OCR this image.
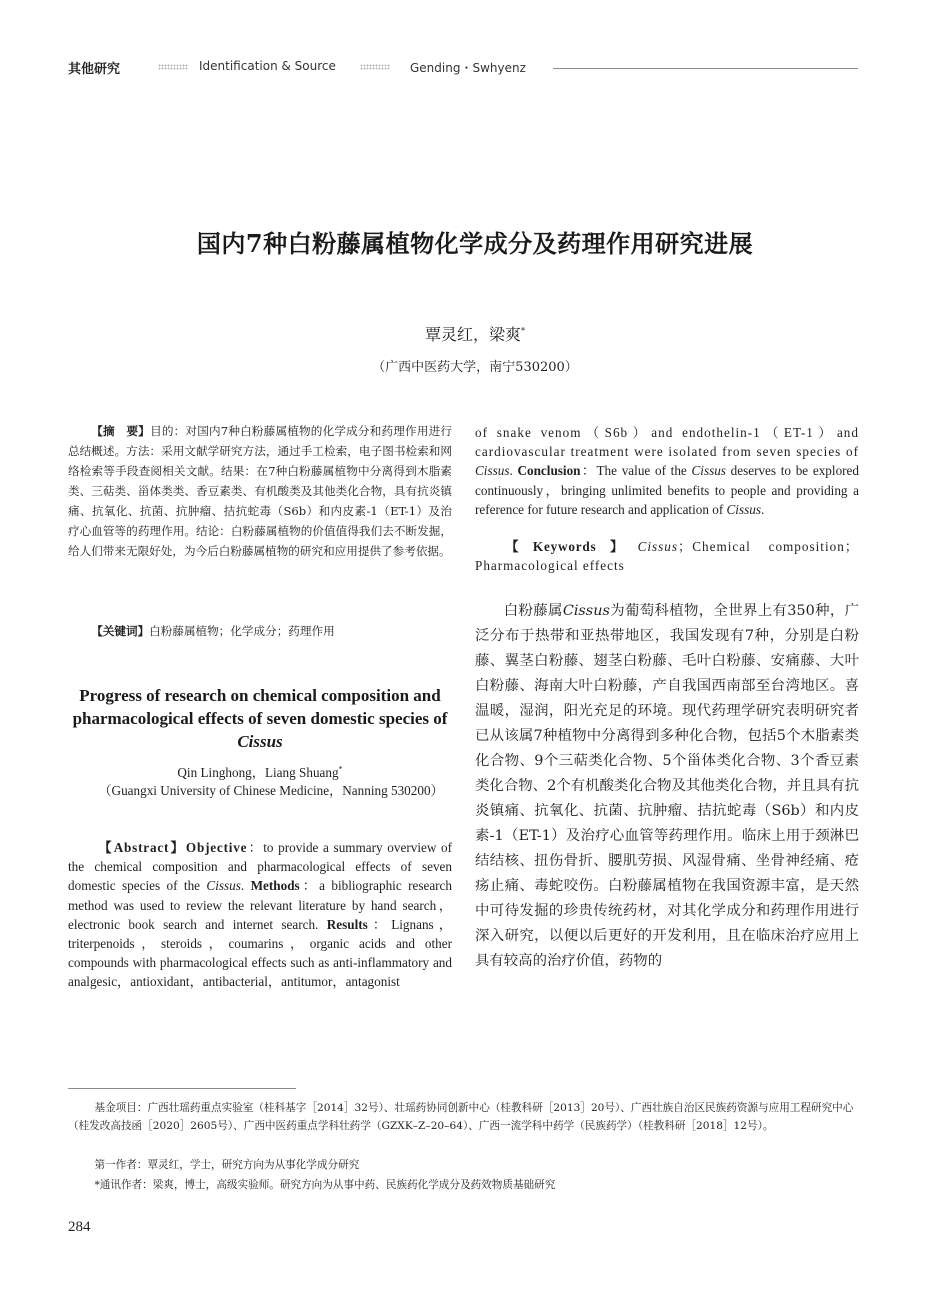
其他研究	Identification & Source	Gending・Swhyenz
国内7种白粉藤属植物化学成分及药理作用研究进展
覃灵红，梁爽*
（广西中医药大学，南宁530200）
【摘　要】目的：对国内7种白粉藤属植物的化学成分和药理作用进行总结概述。方法：采用文献学研究方法，通过手工检索，电子图书检索和网络检索等手段查阅相关文献。结果：在7种白粉藤属植物中分离得到木脂素类、三萜类、甾体类类、香豆素类、有机酸类及其他类化合物，具有抗炎镇痛、抗氧化、抗菌、抗肿瘤、拮抗蛇毒（S6b）和内皮素-1（ET-1）及治疗心血管等的药理作用。结论：白粉藤属植物的价值值得我们去不断发掘，给人们带来无限好处，为今后白粉藤属植物的研究和应用提供了参考依据。
【关键词】白粉藤属植物；化学成分；药理作用
Progress of research on chemical composition and pharmacological effects of seven domestic species of Cissus
Qin Linghong，Liang Shuang*
（Guangxi University of Chinese Medicine，Nanning 530200）
【Abstract】Objective：to provide a summary overview of the chemical composition and pharmacological effects of seven domestic species of the Cissus. Methods：a bibliographic research method was used to review the relevant literature by hand search，electronic book search and internet search. Results：Lignans，triterpenoids，steroids，coumarins，organic acids and other compounds with pharmacological effects such as anti-inflammatory and analgesic，antioxidant，antibacterial，antitumor，antagonist
of snake venom（S6b）and endothelin-1（ET-1）and cardiovascular treatment were isolated from seven species of Cissus. Conclusion：The value of the Cissus deserves to be explored continuously，bringing unlimited benefits to people and providing a reference for future research and application of Cissus.
【Keywords】Cissus；Chemical composition；Pharmacological effects
白粉藤属Cissus为葡萄科植物，全世界上有350种，广泛分布于热带和亚热带地区，我国发现有7种，分别是白粉藤、翼茎白粉藤、翅茎白粉藤、毛叶白粉藤、安痛藤、大叶白粉藤、海南大叶白粉藤，产自我国西南部至台湾地区。喜温暖，湿润，阳光充足的环境。现代药理学研究表明研究者已从该属7种植物中分离得到多种化合物，包括5个木脂素类化合物、9个三萜类化合物、5个甾体类化合物、3个香豆素类化合物、2个有机酸类化合物及其他类化合物，并且具有抗炎镇痛、抗氧化、抗菌、抗肿瘤、拮抗蛇毒（S6b）和内皮素-1（ET-1）及治疗心血管等药理作用。临床上用于颈淋巴结结核、扭伤骨折、腰肌劳损、风湿骨痛、坐骨神经痛、疮疡止痛、毒蛇咬伤。白粉藤属植物在我国资源丰富，是天然中可待发掘的珍贵传统药材，对其化学成分和药理作用进行深入研究，以便以后更好的开发利用，且在临床治疗应用上具有较高的治疗价值，药物的
基金项目：广西壮瑶药重点实验室（桂科基字［2014］32号）、壮瑶药协同创新中心（桂教科研［2013］20号）、广西壮族自治区民族药资源与应用工程研究中心（桂发改高技函［2020］2605号）、广西中医药重点学科壮药学（GZXK–Z–20–64）、广西一流学科中药学（民族药学）（桂教科研［2018］12号）。
第一作者：覃灵红，学士，研究方向为从事化学成分研究
*通讯作者：梁爽，博士，高级实验师。研究方向为从事中药、民族药化学成分及药效物质基础研究
284
